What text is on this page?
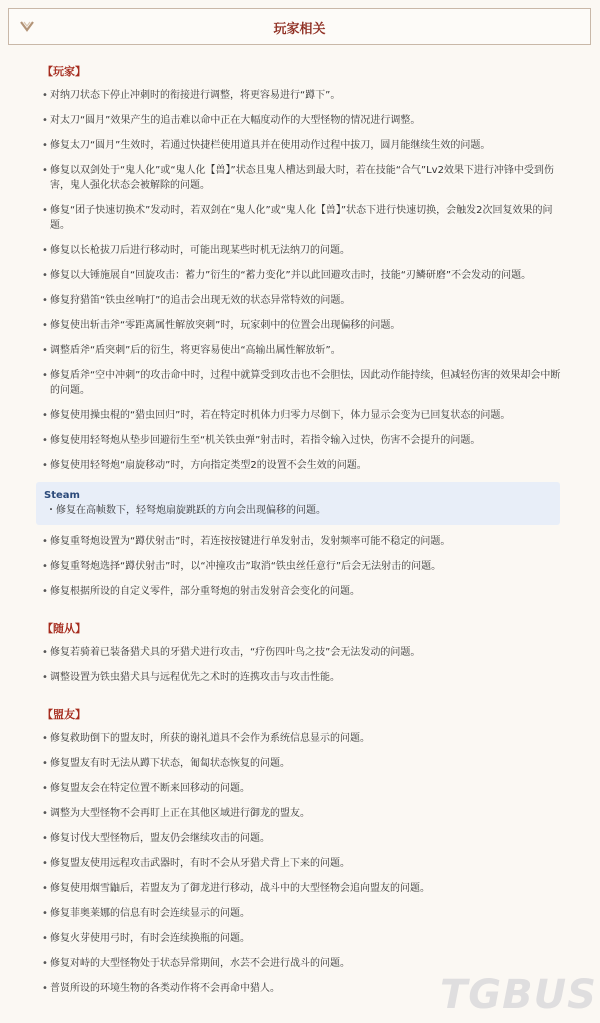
玩家相关
【玩家】
• 对纳刀状态下停止冲刺时的衔接进行调整，将更容易进行“蹲下”。
• 对太刀“圆月”效果产生的追击难以命中正在大幅度动作的大型怪物的情况进行调整。
• 修复太刀“圆月”生效时，若通过快捷栏使用道具并在使用动作过程中拔刀，圆月能继续生效的问题。
• 修复以双剑处于“鬼人化”或“鬼人化【兽】”状态且鬼人槽达到最大时，若在技能“合气”Lv2效果下进行冲锋中受到伤害，鬼人强化状态会被解除的问题。
• 修复“团子快速切换术”发动时，若双剑在“鬼人化”或“鬼人化【兽】”状态下进行快速切换，会触发2次回复效果的问题。
• 修复以长枪拔刀后进行移动时，可能出现某些时机无法纳刀的问题。
• 修复以大锤施展自“回旋攻击：蓄力”衍生的“蓄力变化”并以此回避攻击时，技能“刃鳞研磨”不会发动的问题。
• 修复狩猎笛“铁虫丝响打”的追击会出现无效的状态异常特效的问题。
• 修复使出斩击斧“零距离属性解放突刺”时，玩家刺中的位置会出现偏移的问题。
• 调整盾斧“盾突刺”后的衍生，将更容易使出“高输出属性解放斩”。
• 修复盾斧“空中冲刺”的攻击命中时，过程中就算受到攻击也不会胆怯，因此动作能持续，但减轻伤害的效果却会中断的问题。
• 修复使用操虫棍的“猎虫回归”时，若在特定时机体力归零力尽倒下，体力显示会变为已回复状态的问题。
• 修复使用轻弩炮从垫步回避衍生至“机关铁虫弹”射击时，若指令输入过快，伤害不会提升的问题。
• 修复使用轻弩炮“扇旋移动”时，方向指定类型2的设置不会生效的问题。
Steam
・修复在高帧数下，轻弩炮扇旋跳跃的方向会出现偏移的问题。
• 修复重弩炮设置为“蹲伏射击”时，若连按按键进行单发射击，发射频率可能不稳定的问题。
• 修复重弩炮选择“蹲伏射击”时，以“冲撞攻击”取消“铁虫丝任意行”后会无法射击的问题。
• 修复根据所设的自定义零件，部分重弩炮的射击发射音会变化的问题。
【随从】
• 修复若骑着已装备猎犬具的牙猎犬进行攻击，“疗伤四叶鸟之技”会无法发动的问题。
• 调整设置为铁虫猎犬具与远程优先之术时的连携攻击与攻击性能。
【盟友】
• 修复救助倒下的盟友时，所获的谢礼道具不会作为系统信息显示的问题。
• 修复盟友有时无法从蹲下状态，匍匐状态恢复的问题。
• 修复盟友会在特定位置不断来回移动的问题。
• 调整为大型怪物不会再盯上正在其他区域进行御龙的盟友。
• 修复讨伐大型怪物后，盟友仍会继续攻击的问题。
• 修复盟友使用远程攻击武器时，有时不会从牙猎犬背上下来的问题。
• 修复使用烟雪鼬后，若盟友为了御龙进行移动，战斗中的大型怪物会追向盟友的问题。
• 修复菲奥莱娜的信息有时会连续显示的问题。
• 修复火芽使用弓时，有时会连续换瓶的问题。
• 修复对峙的大型怪物处于状态异常期间，水芸不会进行战斗的问题。
• 普贤所设的环境生物的各类动作将不会再命中猎人。	TGBUS
